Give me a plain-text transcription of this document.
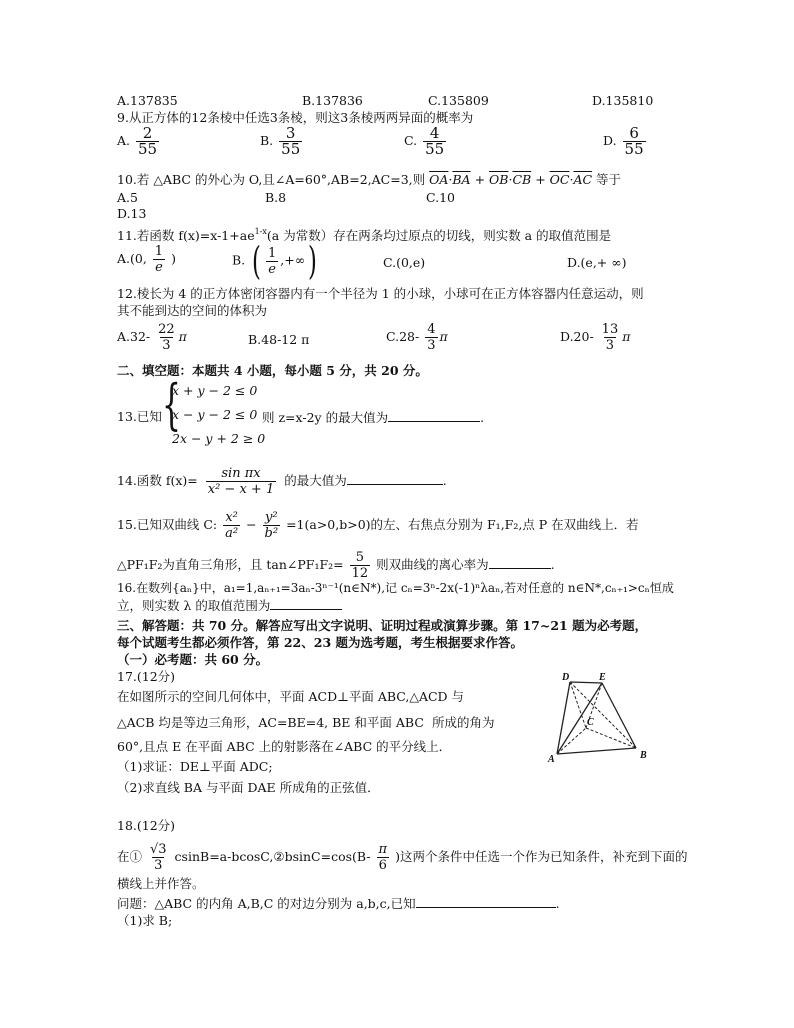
A.137835	B.137836	C.135809	D.135810
9.从正方体的12条棱中任选3条棱，则这3条棱两两异面的概率为
A. $\frac{2}{55}$	B. $\frac{3}{55}$	C. $\frac{4}{55}$	D. $\frac{6}{55}$
10.若 △ABC 的外心为 O,且∠A=60°,AB=2,AC=3,则 $\overline{OA}\cdot\overline{BA} + \overline{OB}\cdot\overline{CB} + \overline{OC}\cdot\overline{AC}$ 等于
A.5	B.8	C.10
D.13
11.若函数 $f(x)=x-1+ae^{1-x}(a$ 为常数）存在两条均过原点的切线，则实数 a 的取值范围是
A.(0, $\frac{1}{e}$ )	B. ( $\frac{1}{e}$ ,+∞)	C.(0,e)	D.(e,+ ∞)
12.棱长为 4 的正方体密闭容器内有一个半径为 1 的小球，小球可在正方体容器内任意运动，则
其不能到达的空间的体积为
$A.32- \frac{22}{3}$ π	B.48-12 π	$C.28- \frac{4}{3}$ π	$D.20- \frac{13}{3}$ π
二、填空题：本题共 4 小题，每小题 5 分，共 20 分。
13.已知 {
x + y − 2 ≤ 0
x − y − 2 ≤ 0
2x − y + 2 ≥ 0
则 z=x-2y 的最大值为	.
14.函数 $f(x)= \frac{\text{sin πx}}{\text{x² − x + 1}}$ 的最大值为	.
15.已知双曲线 C: $\frac{\text{x²}}{\text{a²}} - \frac{\text{y²}}{\text{b²}} =1(a>0,b>0)$的左、右焦点分别为 F₁,F₂,点 P 在双曲线上．若
△PF₁F₂为直角三角形，且 tan∠PF₁F₂= $\frac{5}{12}$ 则双曲线的离心率为	.
16.在数列{aₙ}中，a₁=1,aₙ₊₁=3aₙ-3ⁿ⁻¹(n∈N*),记 cₙ=3ⁿ-2x(-1)ⁿλaₙ,若对任意的 n∈N*,cₙ₊₁>cₙ恒成
立，则实数 λ 的取值范围为
三、解答题：共 70 分。解答应写出文字说明、证明过程或演算步骤。第 17~21 题为必考题，
每个试题考生都必须作答，第 22、23 题为选考题，考生根据要求作答。
（一）必考题：共 60 分。
17.(12分)
在如图所示的空间几何体中，平面 ACD⊥平面 ABC,△ACD 与
△ACB 均是等边三角形，AC=BE=4, BE 和平面 ABC 所成的角为
60°,且点 E 在平面 ABC 上的射影落在∠ABC 的平分线上．
（1)求证：DE⊥平面 ADC;
（2)求直线 BA 与平面 DAE 所成角的正弦值．
D	E
C
A	B
18.(12分)
在① $\frac{√3}{3}$ csinB=a-bcosC,②bsinC=cos(B- $\frac{\pi}{6}$ )这两个条件中任选一个作为已知条件，补充到下面的
横线上并作答。
问题：△ABC 的内角 A,B,C 的对边分别为 a,b,c,已知	.
（1)求 B;
